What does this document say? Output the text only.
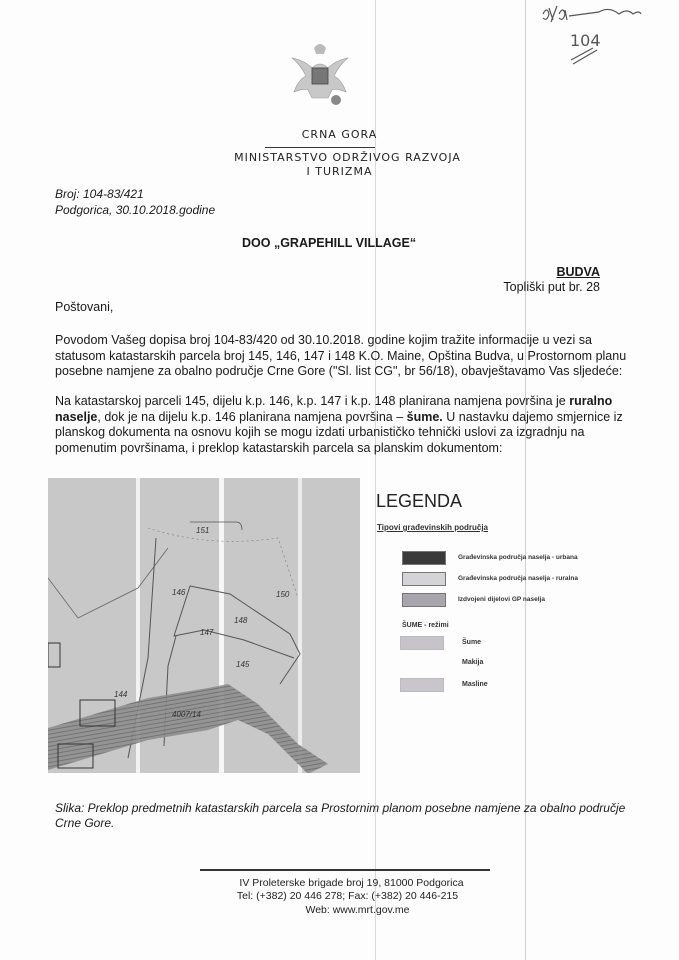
104
CRNA GORA
MINISTARSTVO ODRŽIVOG RAZVOJA
I TURIZMA
Broj: 104-83/421
Podgorica, 30.10.2018.godine
DOO „GRAPEHILL VILLAGE“
BUDVA
Topliški put br. 28
Poštovani,
Povodom Vašeg dopisa broj 104-83/420 od 30.10.2018. godine kojim tražite informacije u vezi sa statusom katastarskih parcela broj 145, 146, 147 i 148 K.O. Maine, Opština Budva, u Prostornom planu posebne namjene za obalno područje Crne Gore ("Sl. list CG", br 56/18), obavještavamo Vas sljedeće:
Na katastarskoj parceli 145, dijelu k.p. 146, k.p. 147 i k.p. 148 planirana namjena površina je ruralno naselje, dok je na dijelu k.p. 146 planirana namjena površina – šume. U nastavku dajemo smjernice iz planskog dokumenta na osnovu kojih se mogu izdati urbanističko tehnički uslovi za izgradnju na pomenutim površinama, i preklop katastarskih parcela sa planskim dokumentom:
151
146	150
148
147
145
144
4007/14
LEGENDA
Tipovi građevinskih područja
Građevinska područja naselja - urbana
Građevinska područja naselja - ruralna
Izdvojeni dijelovi GP naselja
ŠUME - režimi
Šume
Makija
Masline
Slika: Preklop predmetnih katastarskih parcela sa Prostornim planom posebne namjene za obalno područje Crne Gore.
IV Proleterske brigade broj 19, 81000 Podgorica
Tel: (+382) 20 446 278; Fax: (+382) 20 446-215
Web: www.mrt.gov.me
